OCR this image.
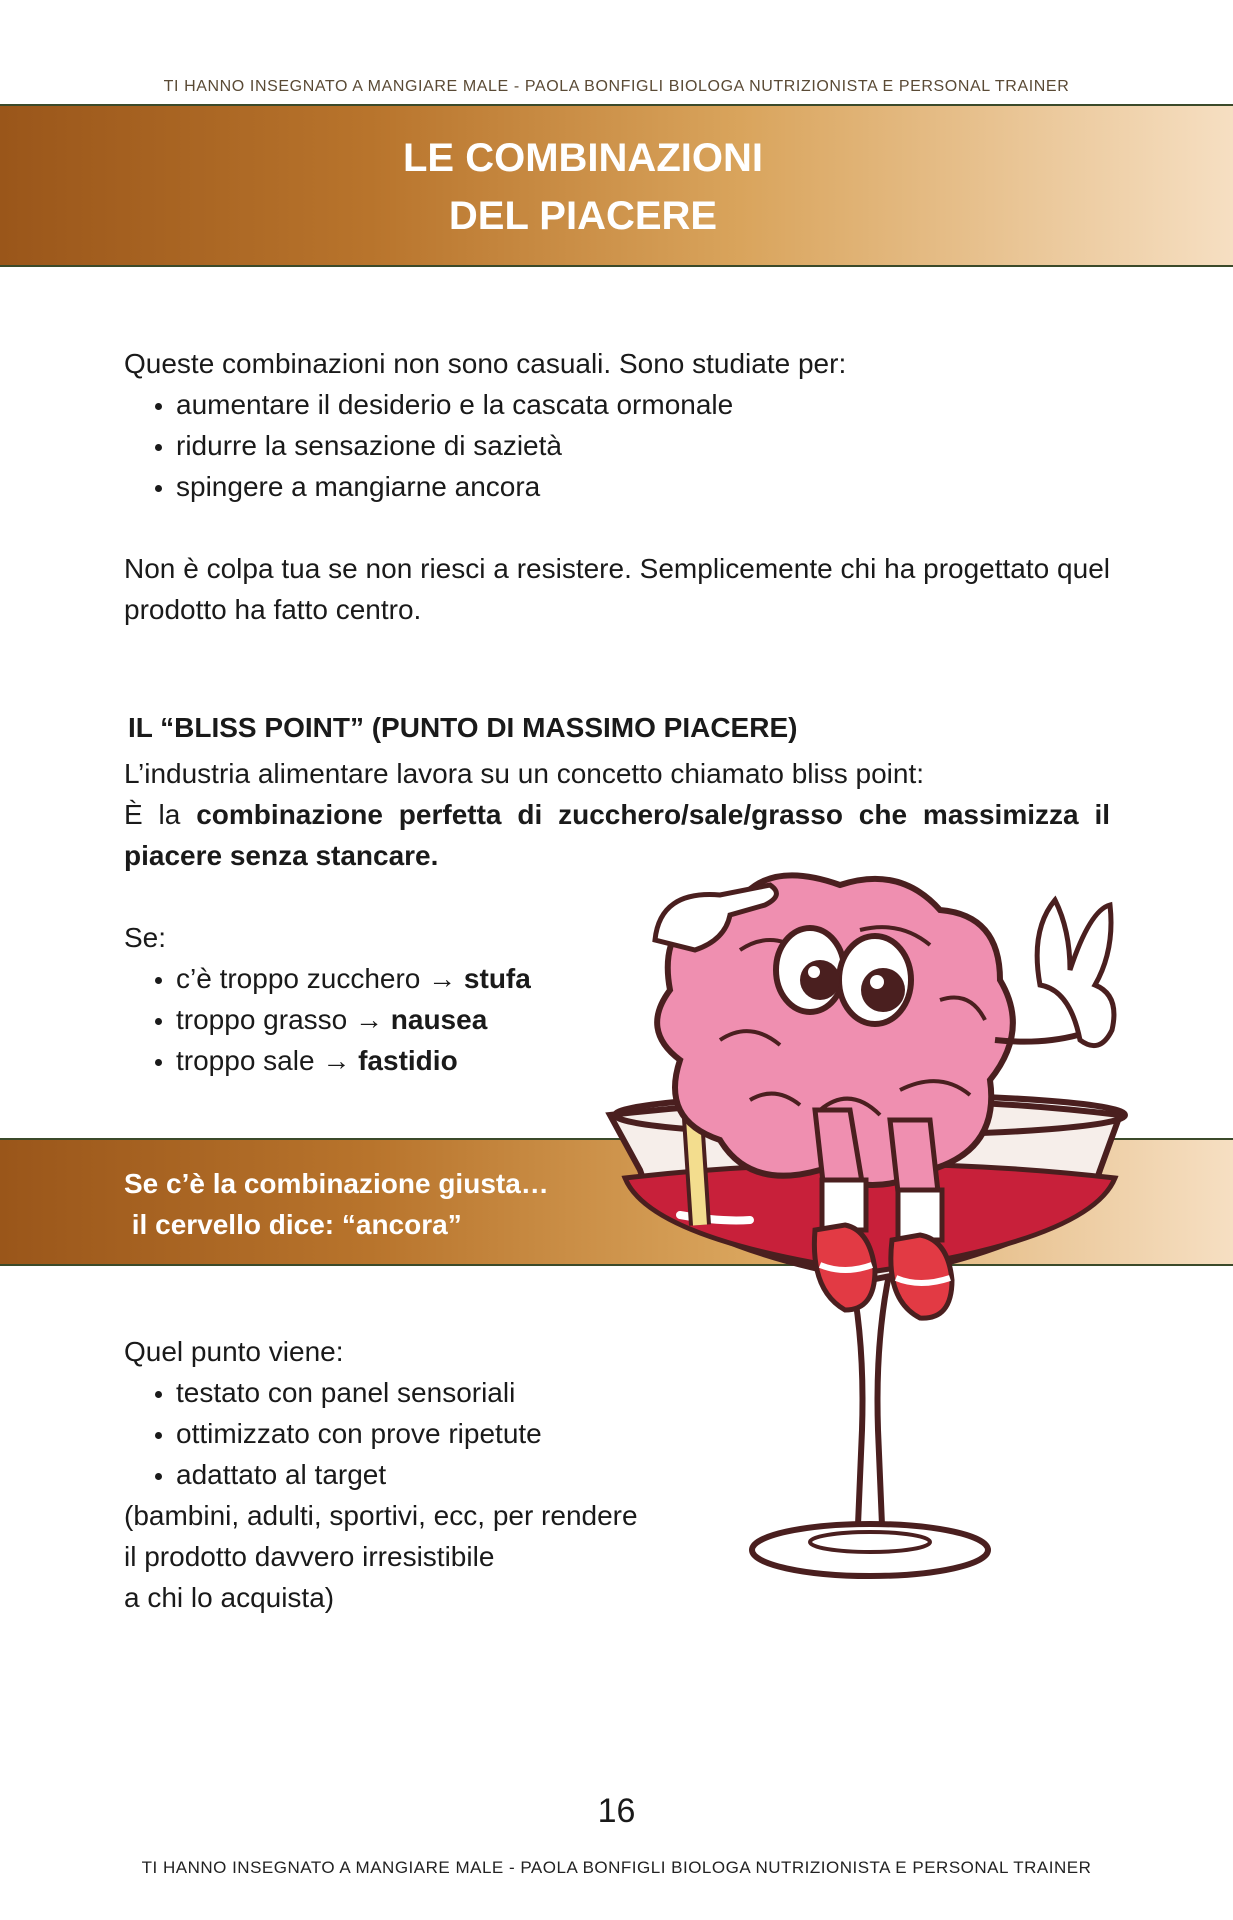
TI HANNO INSEGNATO A MANGIARE MALE - PAOLA BONFIGLI BIOLOGA NUTRIZIONISTA E PERSONAL TRAINER
LE COMBINAZIONI
DEL PIACERE
Queste combinazioni non sono casuali. Sono studiate per:
• aumentare il desiderio e la cascata ormonale
• ridurre la sensazione di sazietà
• spingere a mangiarne ancora
Non è colpa tua se non riesci a resistere. Semplicemente chi ha progettato quel prodotto ha fatto centro.
IL “BLISS POINT” (PUNTO DI MASSIMO PIACERE)
L’industria alimentare lavora su un concetto chiamato bliss point:
È la combinazione perfetta di zucchero/sale/grasso che massimizza il piacere senza stancare.
Se:
• c’è troppo zucchero → stufa
• troppo grasso → nausea
• troppo sale → fastidio
Se c’è la combinazione giusta…
il cervello dice: “ancora”
Quel punto viene:
• testato con panel sensoriali
• ottimizzato con prove ripetute
• adattato al target
(bambini, adulti, sportivi, ecc, per rendere
il prodotto davvero irresistibile
a chi lo acquista)
16
TI HANNO INSEGNATO A MANGIARE MALE - PAOLA BONFIGLI BIOLOGA NUTRIZIONISTA E PERSONAL TRAINER
